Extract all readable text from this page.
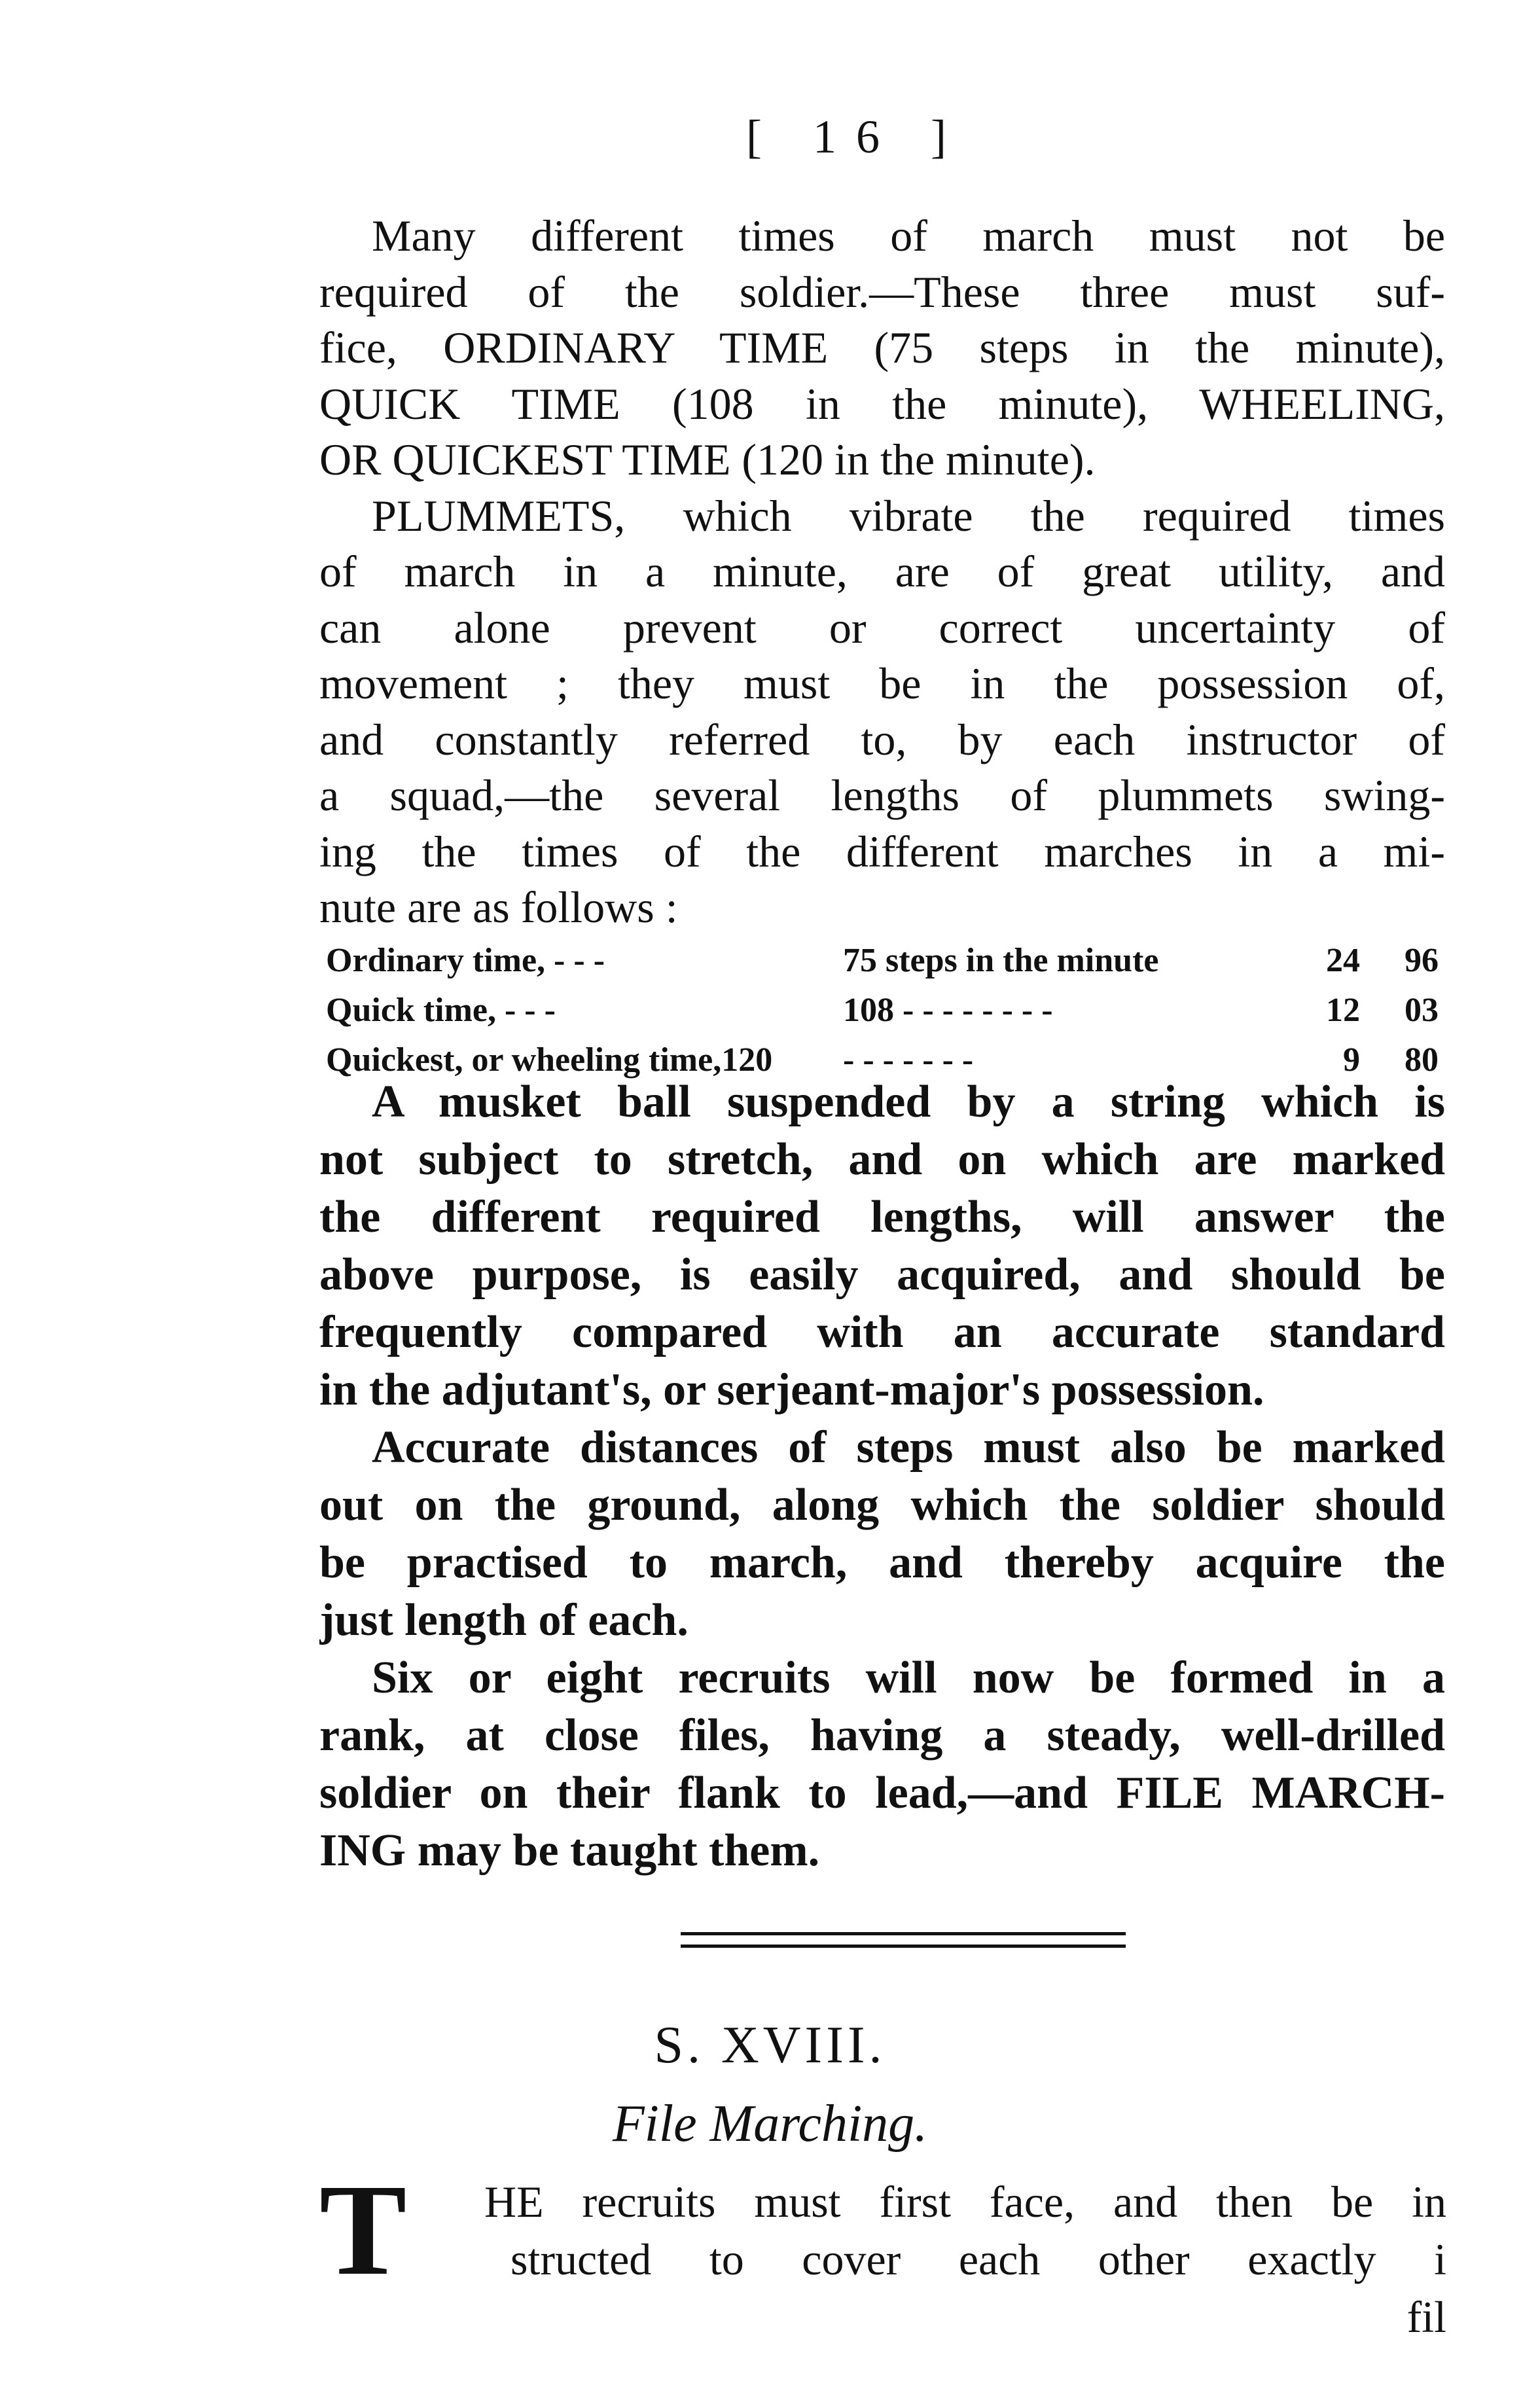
[ 16 ]
Many different times of march must not be
required of the soldier.—These three must suf-
fice, ORDINARY TIME (75 steps in the minute),
QUICK TIME (108 in the minute), WHEELING,
OR QUICKEST TIME (120 in the minute).
PLUMMETS, which vibrate the required times
of march in a minute, are of great utility, and
can alone prevent or correct uncertainty of
movement ; they must be in the possession of,
and constantly referred to, by each instructor of
a squad,—the several lengths of plummets swing-
ing the times of the different marches in a mi-
nute are as follows :
Ordinary time, - - -	75 steps in the minute	24	96
Quick time, - - -	108 - - - - - - - -	12	03
Quickest, or wheeling time,120	- - - - - - -	9	80
A musket ball suspended by a string which is
not subject to stretch, and on which are marked
the different required lengths, will answer the
above purpose, is easily acquired, and should be
frequently compared with an accurate standard
in the adjutant's, or serjeant-major's possession.
Accurate distances of steps must also be marked
out on the ground, along which the soldier should
be practised to march, and thereby acquire the
just length of each.
Six or eight recruits will now be formed in a
rank, at close files, having a steady, well-drilled
soldier on their flank to lead,—and FILE MARCH-
ING may be taught them.
S. XVIII.
File Marching.
T	HE recruits must first face, and then be in
structed to cover each other exactly i
fil
